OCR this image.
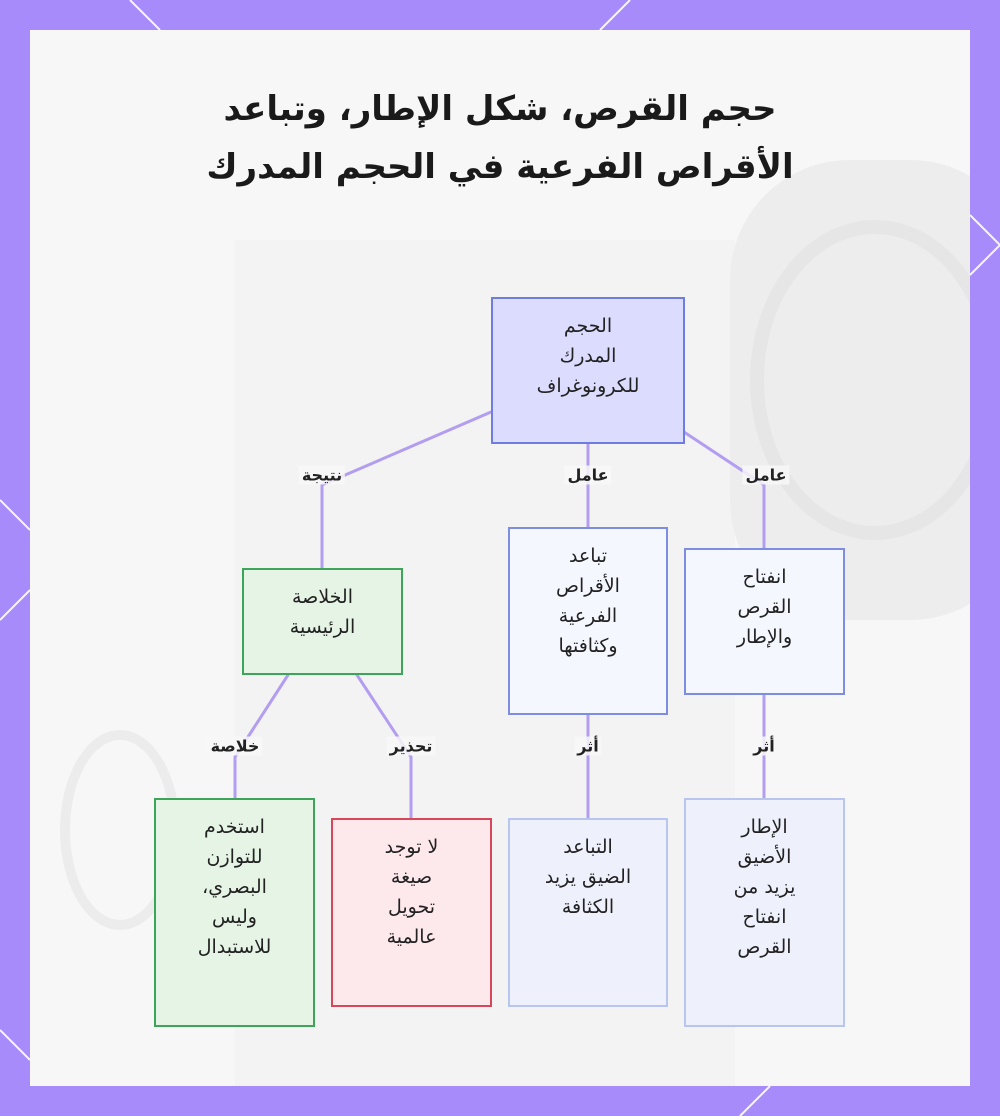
حجم القرص، شكل الإطار، وتباعد الأقراص الفرعية في الحجم المدرك
الحجم
المدرك
للكرونوغراف
الخلاصة
الرئيسية
تباعد
الأقراص
الفرعية
وكثافتها
انفتاح
القرص
والإطار
استخدم
للتوازن
البصري،
وليس
للاستبدال
لا توجد
صيغة
تحويل
عالمية
التباعد
الضيق يزيد
الكثافة
الإطار
الأضيق
يزيد من
انفتاح
القرص
نتيجة	عامل	عامل
خلاصة	تحذير	أثر	أثر
